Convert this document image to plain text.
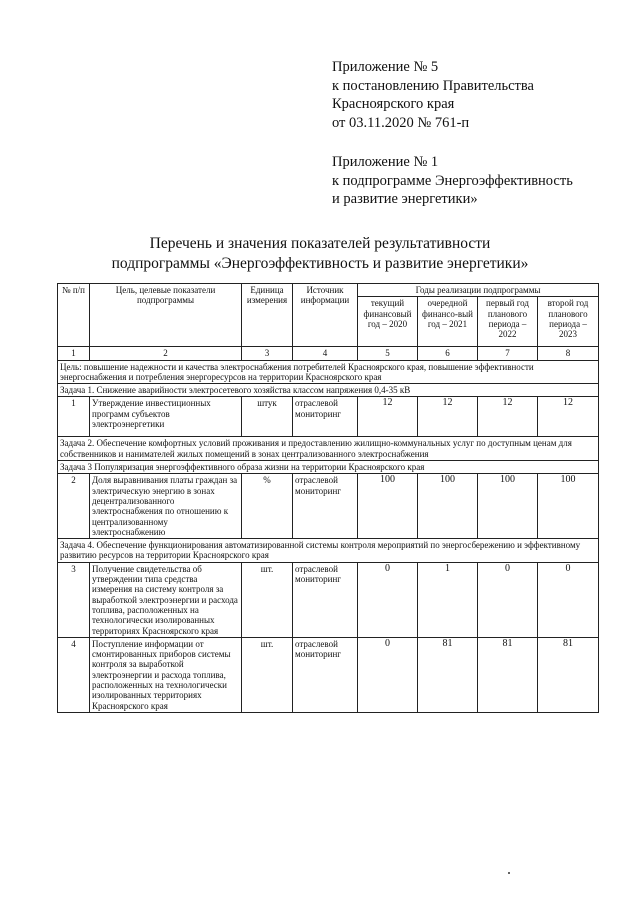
Приложение № 5
к постановлению Правительства
Красноярского края
от 03.11.2020 № 761-п
Приложение № 1
к подпрограмме Энергоэффективность
и развитие энергетики»
Перечень и значения показателей результативности
подпрограммы «Энергоэффективность и развитие энергетики»
№ п/п	Цель, целевые показатели подпрограммы	Единица измерения	Источник информации	Годы реализации подпрограммы			
				текущий финансовый год – 2020	очередной финансо-вый год – 2021	первый год планового периода – 2022	второй год планового периода – 2023
1	2	3	4	5	6	7	8
Цель: повышение надежности и качества электроснабжения потребителей Красноярского края, повышение эффективности энергоснабжения и потребления энергоресурсов на территории Красноярского края							
Задача 1. Снижение аварийности электросетевого хозяйства классом напряжения 0,4-35 кВ							
1	Утверждение инвестиционных программ субъектов электроэнергетики	штук	отраслевой мониторинг	12	12	12	12
Задача 2. Обеспечение комфортных условий проживания и предоставлению жилищно-коммунальных услуг по доступным ценам для собственников и нанимателей жилых помещений в зонах централизованного электроснабжения							
Задача 3 Популяризация энергоэффективного образа жизни на территории Красноярского края							
2	Доля выравнивания платы граждан за электрическую энергию в зонах децентрализованного электроснабжения по отношению к централизованному электроснабжению	%	отраслевой мониторинг	100	100	100	100
Задача 4. Обеспечение функционирования автоматизированной системы контроля мероприятий по энергосбережению и эффективному развитию ресурсов на территории Красноярского края							
3	Получение свидетельства об утверждении типа средства измерения на систему контроля за выработкой электроэнергии и расхода топлива, расположенных на технологически изолированных территориях Красноярского края	шт.	отраслевой мониторинг	0	1	0	0
4	Поступление информации от смонтированных приборов системы контроля за выработкой электроэнергии и расхода топлива, расположенных на технологически изолированных территориях Красноярского края	шт.	отраслевой мониторинг	0	81	81	81
